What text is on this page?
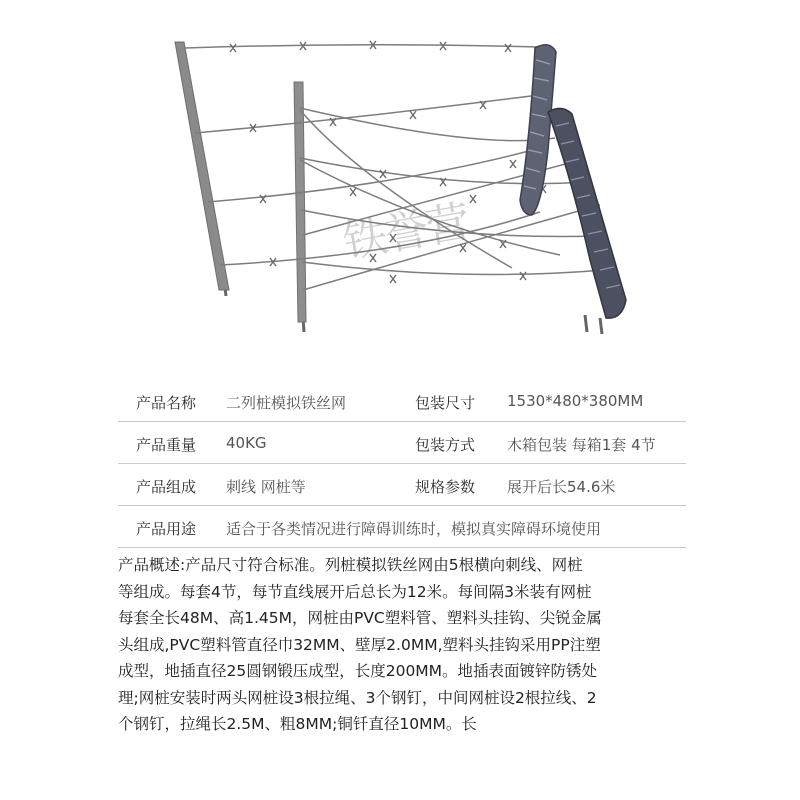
铁誉营
产品名称 二列桩模拟铁丝网	包装尺寸 1530*480*380MM
产品重量 40KG	包装方式 木箱包装 每箱1套 4节
产品组成 刺线 网桩等	规格参数 展开后长54.6米
产品用途 适合于各类情况进行障碍训练时，模拟真实障碍环境使用

产品概述:产品尺寸符合标准。列桩模拟铁丝网由5根横向刺线、网桩

等组成。每套4节，每节直线展开后总长为12米。每间隔3米装有网桩

每套全长48M、高1.45M，网桩由PVC塑料管、塑料头挂钩、尖锐金属

头组成,PVC塑料管直径巾32MM、壁厚2.0MM,塑料头挂钩采用PP注塑

成型，地插直径25圆钢锻压成型，长度200MM。地插表面镀锌防锈处

理;网桩安装时两头网桩设3根拉绳、3个钢钉，中间网桩设2根拉线、2

个钢钉，拉绳长2.5M、粗8MM;铜钎直径10MM。长
